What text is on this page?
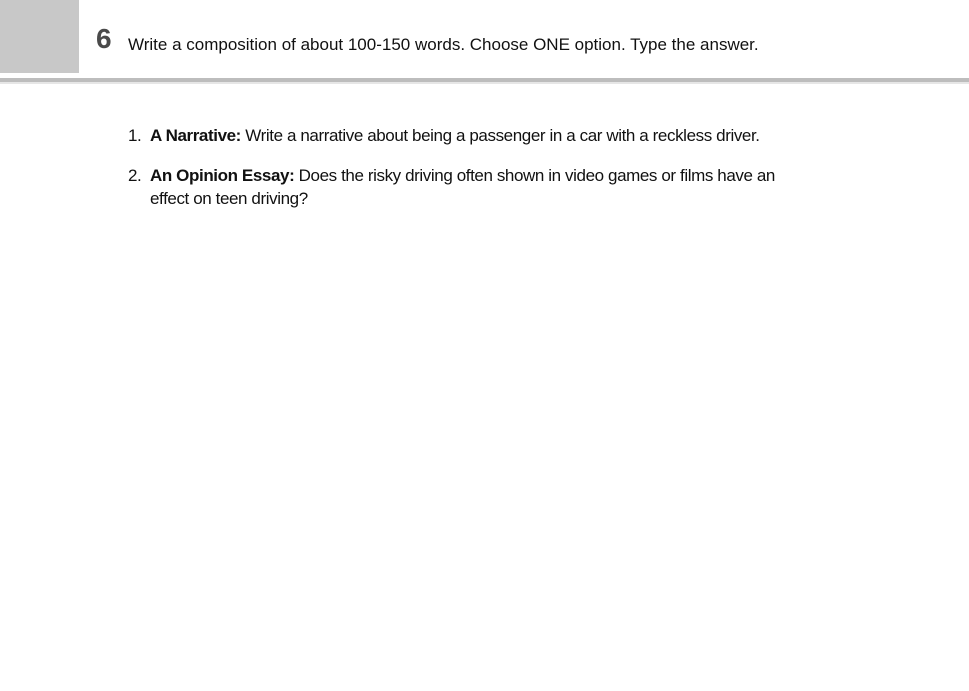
6 Write a composition of about 100-150 words. Choose ONE option. Type the answer.
1. A Narrative: Write a narrative about being a passenger in a car with a reckless driver.
2. An Opinion Essay: Does the risky driving often shown in video games or films have an effect on teen driving?
